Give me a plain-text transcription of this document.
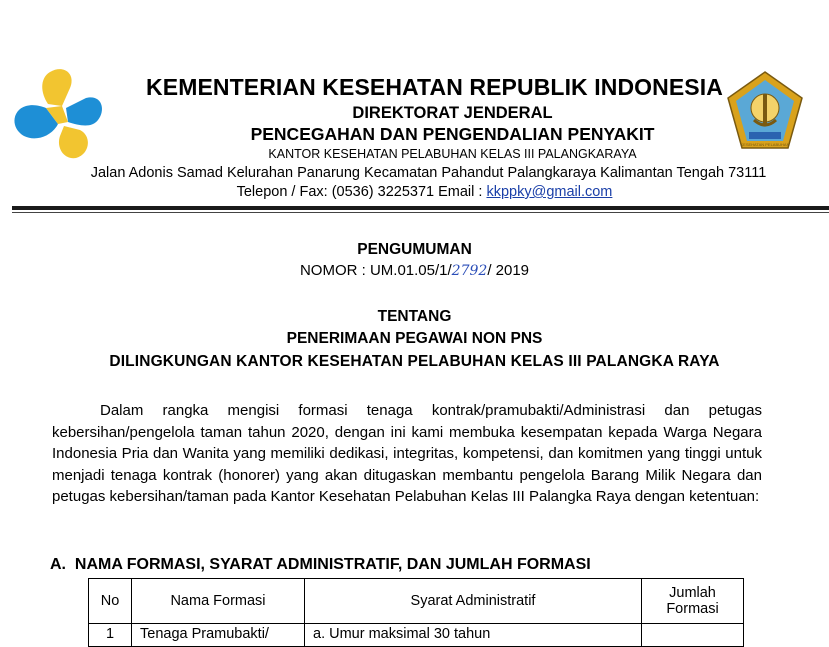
KESEHATAN PELABUHAN
KEMENTERIAN KESEHATAN REPUBLIK INDONESIA
DIREKTORAT JENDERAL
PENCEGAHAN DAN PENGENDALIAN PENYAKIT
KANTOR KESEHATAN PELABUHAN KELAS III PALANGKARAYA
Jalan Adonis Samad Kelurahan Panarung Kecamatan Pahandut Palangkaraya Kalimantan Tengah 73111
Telepon / Fax: (0536) 3225371 Email : kkppky@gmail.com
PENGUMUMAN
NOMOR : UM.01.05/1/2792/ 2019
TENTANG
PENERIMAAN PEGAWAI NON PNS
DILINGKUNGAN KANTOR KESEHATAN PELABUHAN KELAS III PALANGKA RAYA
Dalam rangka mengisi formasi tenaga kontrak/pramubakti/Administrasi dan petugas kebersihan/pengelola taman tahun 2020, dengan ini kami membuka kesempatan kepada Warga Negara Indonesia Pria dan Wanita yang memiliki dedikasi, integritas, kompetensi, dan komitmen yang tinggi untuk menjadi tenaga kontrak (honorer) yang akan ditugaskan membantu pengelola Barang Milik Negara dan petugas kebersihan/taman pada Kantor Kesehatan Pelabuhan Kelas III Palangka Raya dengan ketentuan:
A.  NAMA FORMASI, SYARAT ADMINISTRATIF, DAN JUMLAH FORMASI
No	Nama Formasi	Syarat Administratif	Jumlah
Formasi
1	Tenaga Pramubakti/	a. Umur maksimal 30 tahun	
